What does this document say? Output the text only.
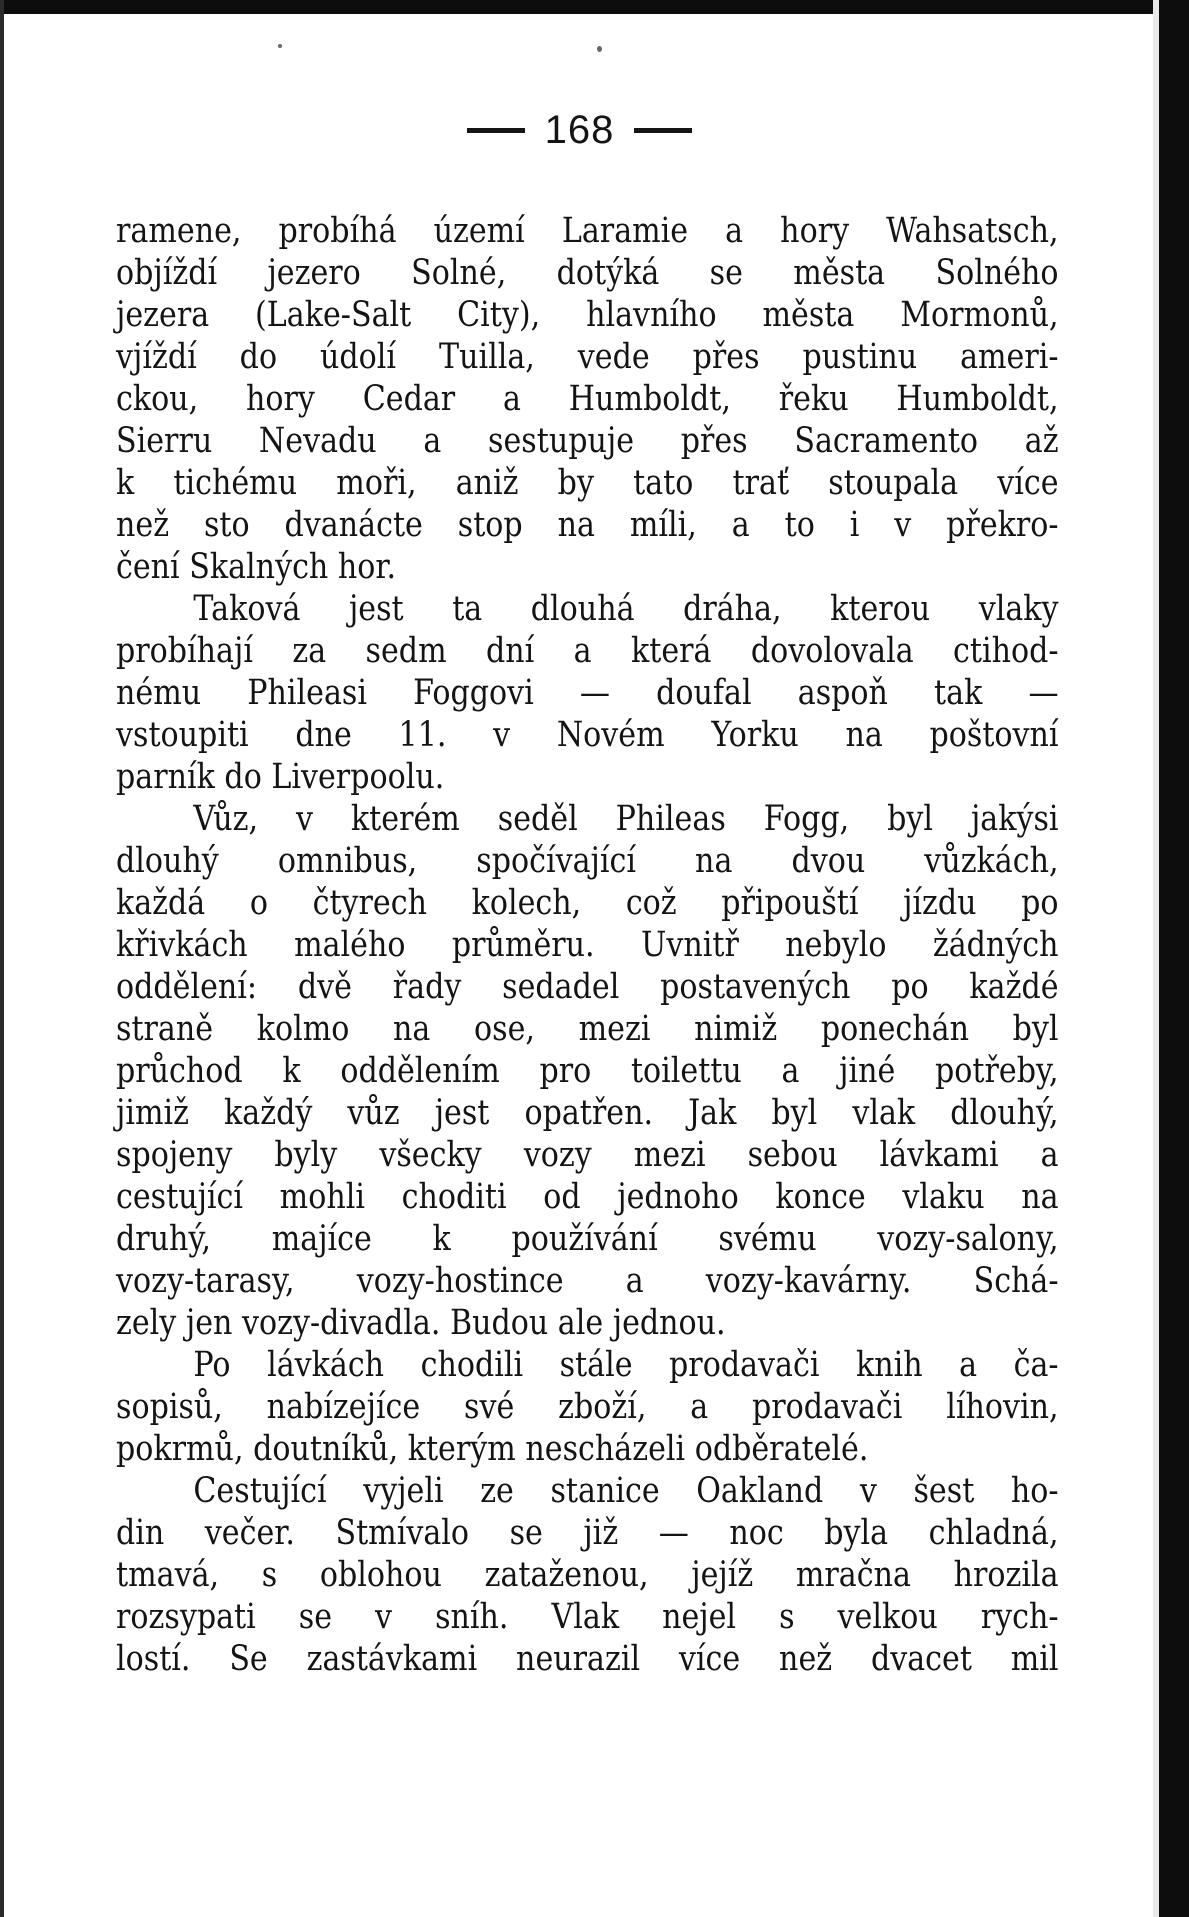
168
ramene, probíhá území Laramie a hory Wahsatsch,
objíždí jezero Solné, dotýká se města Solného
jezera (Lake-Salt City), hlavního města Mormonů,
vjíždí do údolí Tuilla, vede přes pustinu ameri-
ckou, hory Cedar a Humboldt, řeku Humboldt,
Sierru Nevadu a sestupuje přes Sacramento až
k tichému moři, aniž by tato trať stoupala více
než sto dvanácte stop na míli, a to i v překro-
čení Skalných hor.
Taková jest ta dlouhá dráha, kterou vlaky
probíhají za sedm dní a která dovolovala ctihod-
nému Phileasi Foggovi — doufal aspoň tak —
vstoupiti dne 11. v Novém Yorku na poštovní
parník do Liverpoolu.
Vůz, v kterém seděl Phileas Fogg, byl jakýsi
dlouhý omnibus, spočívající na dvou vůzkách,
každá o čtyrech kolech, což připouští jízdu po
křivkách malého průměru. Uvnitř nebylo žádných
oddělení: dvě řady sedadel postavených po každé
straně kolmo na ose, mezi nimiž ponechán byl
průchod k oddělením pro toilettu a jiné potřeby,
jimiž každý vůz jest opatřen. Jak byl vlak dlouhý,
spojeny byly všecky vozy mezi sebou lávkami a
cestující mohli choditi od jednoho konce vlaku na
druhý, majíce k používání svému vozy-salony,
vozy-tarasy, vozy-hostince a vozy-kavárny. Schá-
zely jen vozy-divadla. Budou ale jednou.
Po lávkách chodili stále prodavači knih a ča-
sopisů, nabízejíce své zboží, a prodavači líhovin,
pokrmů, doutníků, kterým nescházeli odběratelé.
Cestující vyjeli ze stanice Oakland v šest ho-
din večer. Stmívalo se již — noc byla chladná,
tmavá, s oblohou zataženou, jejíž mračna hrozila
rozsypati se v sníh. Vlak nejel s velkou rych-
lostí. Se zastávkami neurazil více než dvacet mil
